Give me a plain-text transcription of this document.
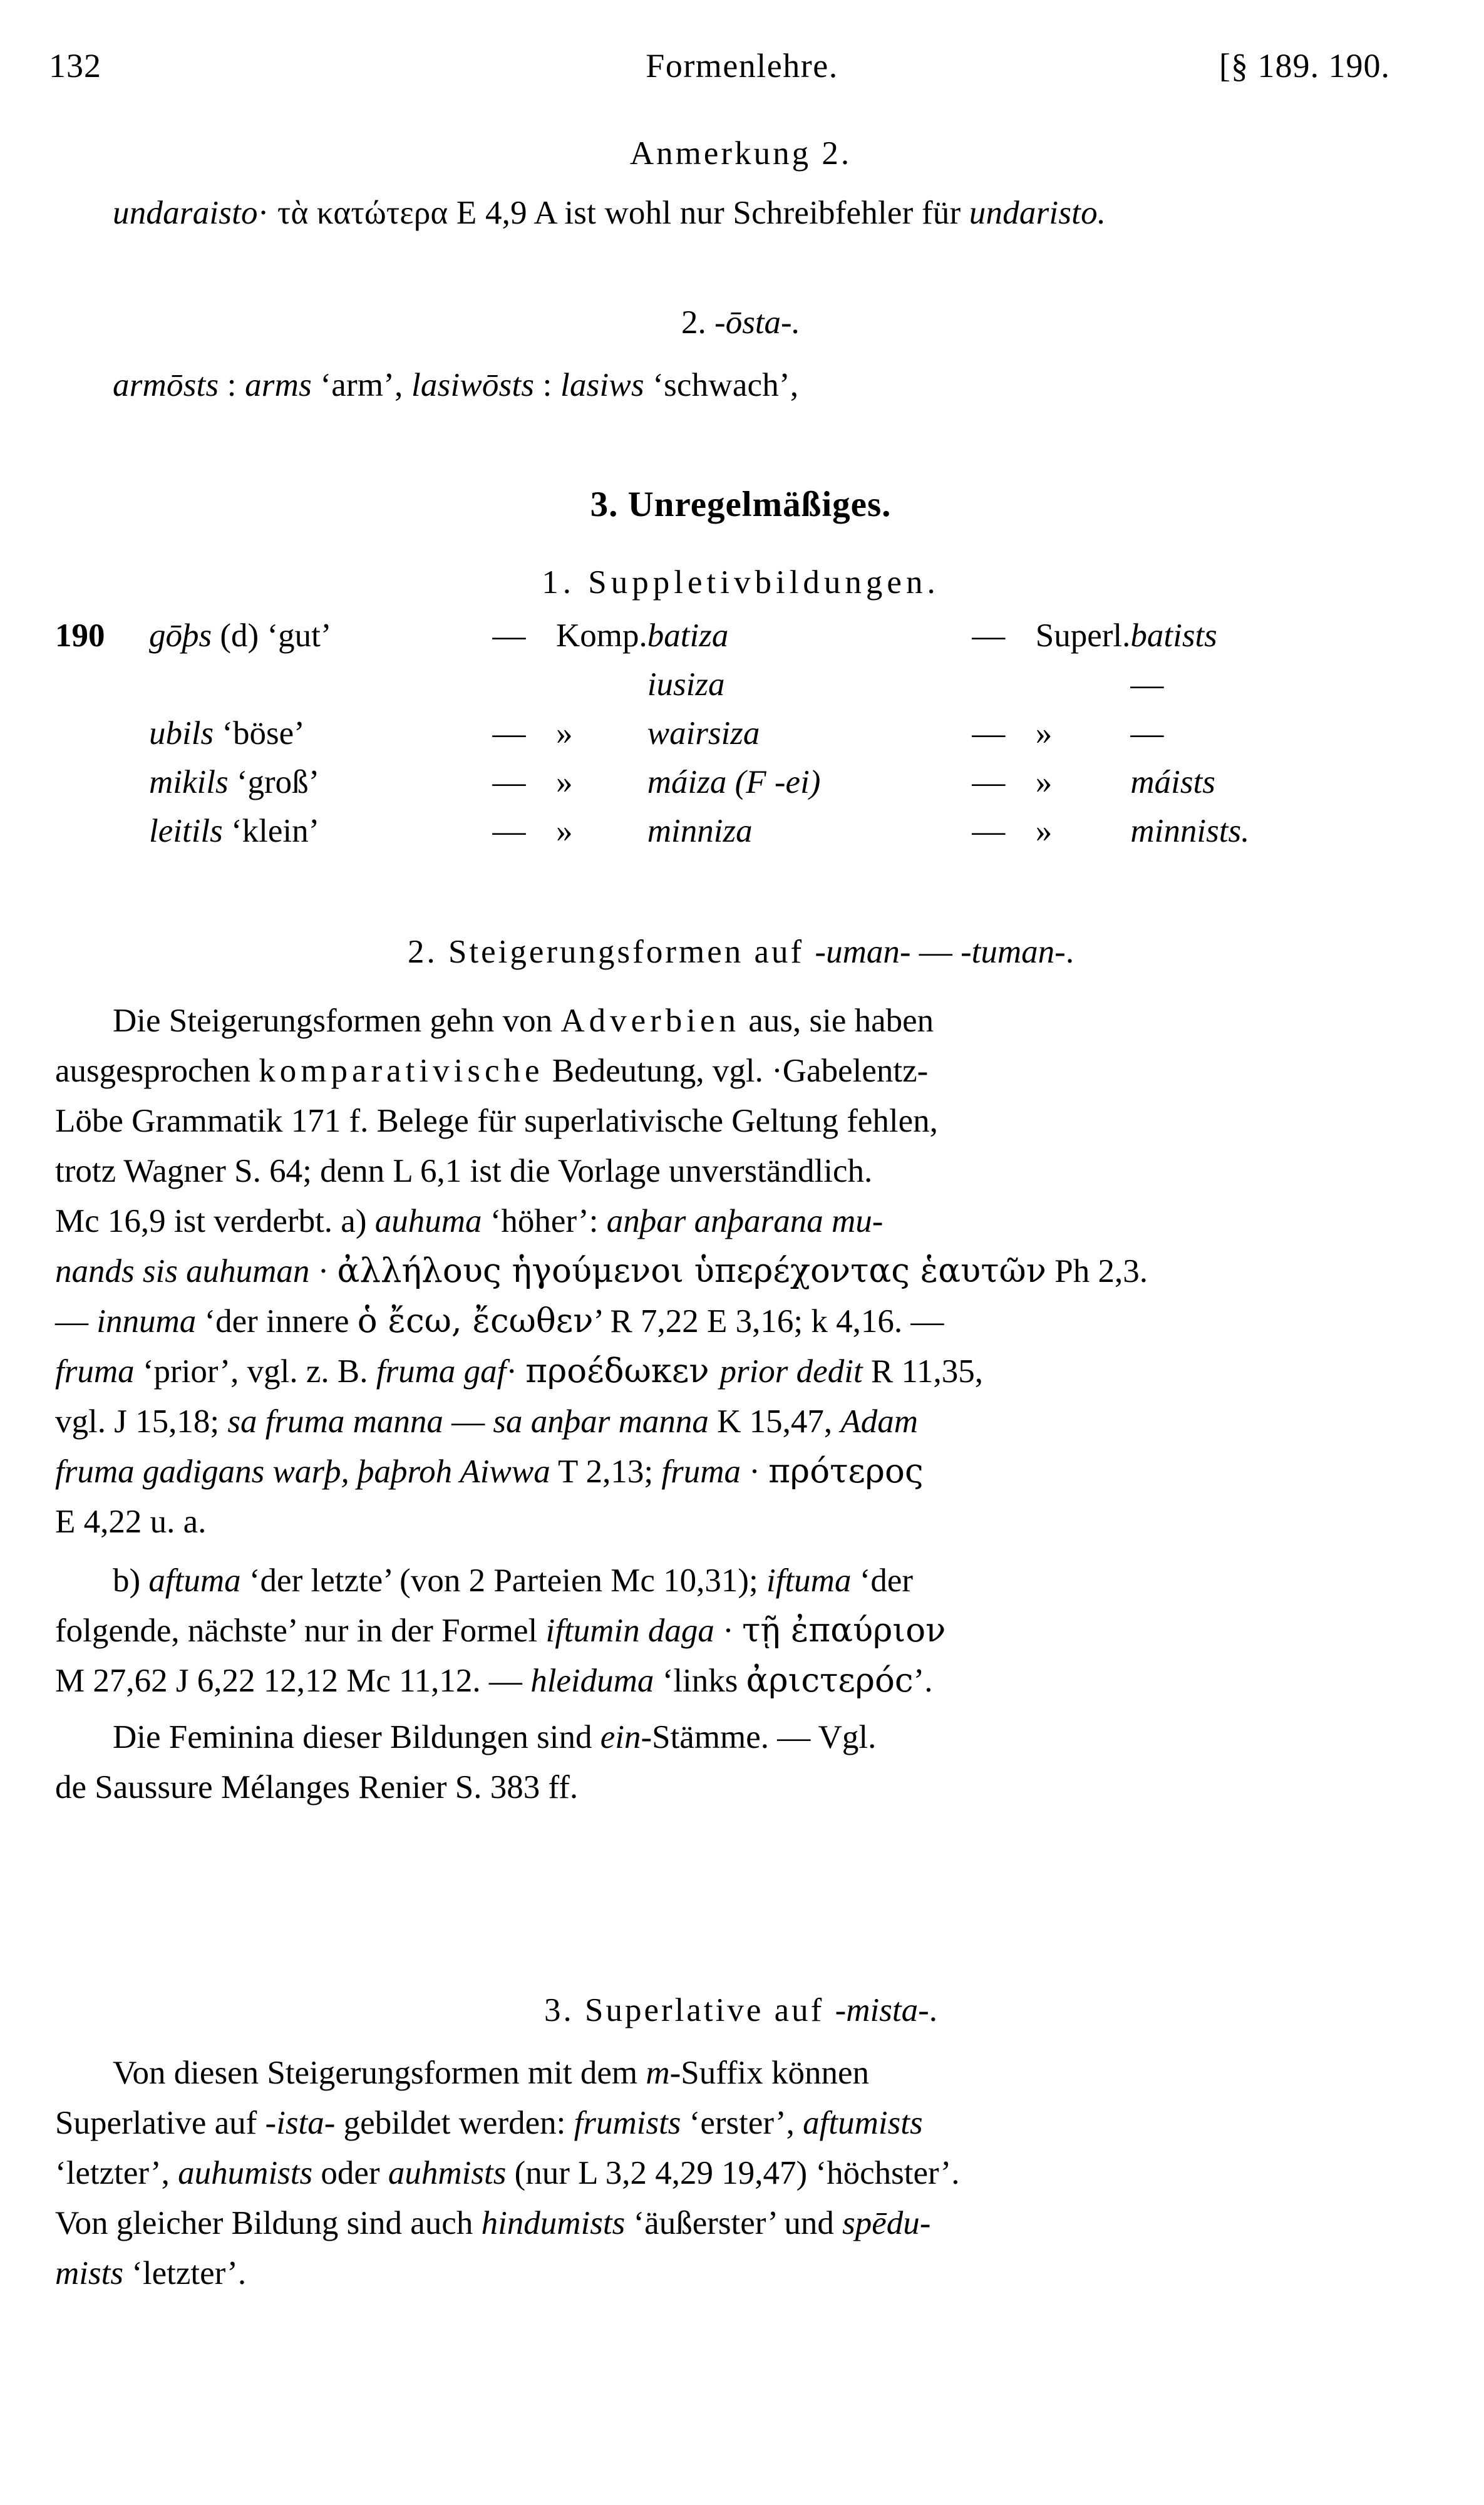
132	Formenlehre.	[§ 189. 190.
Anmerkung 2.
undaraisto· τὰ κατώτερα E 4,9 A ist wohl nur Schreibfehler für undaristo.
2. -ōsta-.
armōsts : arms ‘arm’, lasiwōsts : lasiws ‘schwach’,
3. Unregelmäßiges.
1. Suppletivbildungen.
190	gōþs (d) ‘gut’	—	Komp.	batiza	—	Superl.	batists
				iusiza			—
	ubils ‘böse’	—	»	wairsiza	—	»	—
	mikils ‘groß’	—	»	máiza (F -ei)	—	»	máists
	leitils ‘klein’	—	»	minniza	—	»	minnists.
2. Steigerungsformen auf -uman- — -tuman-.
Die Steigerungsformen gehn von Adverbien aus, sie haben
ausgesprochen komparativische Bedeutung, vgl. ·Gabelentz-
Löbe Grammatik 171 f. Belege für superlativische Geltung fehlen,
trotz Wagner S. 64; denn L 6,1 ist die Vorlage unverständlich.
Mc 16,9 ist verderbt. a) auhuma ‘höher’: anþar anþarana mu-
nands sis auhuman · ἀλλήλους ἡγούμενοι ὑπερέχοντας ἑαυτῶν Ph 2,3.
— innuma ‘der innere ὁ ἔcω, ἔcωθεν’ R 7,22 E 3,16; k 4,16. —
fruma ‘prior’, vgl. z. B. fruma gaf· προέδωκεν prior dedit R 11,35,
vgl. J 15,18; sa fruma manna — sa anþar manna K 15,47, Adam
fruma gadigans warþ, þaþroh Aiwwa T 2,13; fruma · πρότερος
E 4,22 u. a.
b) aftuma ‘der letzte’ (von 2 Parteien Mc 10,31); iftuma ‘der
folgende, nächste’ nur in der Formel iftumin daga · τῇ ἐπαύριον
M 27,62 J 6,22 12,12 Mc 11,12. — hleiduma ‘links ἀριcτερόc’.
Die Feminina dieser Bildungen sind ein-Stämme. — Vgl.
de Saussure Mélanges Renier S. 383 ff.
3. Superlative auf -mista-.
Von diesen Steigerungsformen mit dem m-Suffix können
Superlative auf -ista- gebildet werden: frumists ‘erster’, aftumists
‘letzter’, auhumists oder auhmists (nur L 3,2 4,29 19,47) ‘höchster’.
Von gleicher Bildung sind auch hindumists ‘äußerster’ und spēdu-
mists ‘letzter’.
